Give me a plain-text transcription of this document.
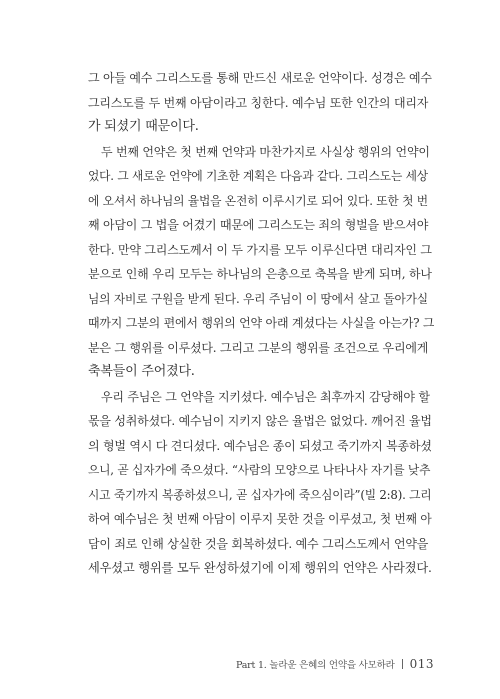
그 아들 예수 그리스도를 통해 만드신 새로운 언약이다. 성경은 예수
그리스도를 두 번째 아담이라고 칭한다. 예수님 또한 인간의 대리자
가 되셨기 때문이다.
두 번째 언약은 첫 번째 언약과 마찬가지로 사실상 행위의 언약이
었다. 그 새로운 언약에 기초한 계획은 다음과 같다. 그리스도는 세상
에 오셔서 하나님의 율법을 온전히 이루시기로 되어 있다. 또한 첫 번
째 아담이 그 법을 어겼기 때문에 그리스도는 죄의 형벌을 받으셔야
한다. 만약 그리스도께서 이 두 가지를 모두 이루신다면 대리자인 그
분으로 인해 우리 모두는 하나님의 은총으로 축복을 받게 되며, 하나
님의 자비로 구원을 받게 된다. 우리 주님이 이 땅에서 살고 돌아가실
때까지 그분의 편에서 행위의 언약 아래 계셨다는 사실을 아는가? 그
분은 그 행위를 이루셨다. 그리고 그분의 행위를 조건으로 우리에게
축복들이 주어졌다.
우리 주님은 그 언약을 지키셨다. 예수님은 최후까지 감당해야 할
몫을 성취하셨다. 예수님이 지키지 않은 율법은 없었다. 깨어진 율법
의 형벌 역시 다 견디셨다. 예수님은 종이 되셨고 죽기까지 복종하셨
으니, 곧 십자가에 죽으셨다. “사람의 모양으로 나타나사 자기를 낮추
시고 죽기까지 복종하셨으니, 곧 십자가에 죽으심이라”(빌 2:8). 그리
하여 예수님은 첫 번째 아담이 이루지 못한 것을 이루셨고, 첫 번째 아
담이 죄로 인해 상실한 것을 회복하셨다. 예수 그리스도께서 언약을
세우셨고 행위를 모두 완성하셨기에 이제 행위의 언약은 사라졌다.
Part 1. 놀라운 은혜의 언약을 사모하라 013
